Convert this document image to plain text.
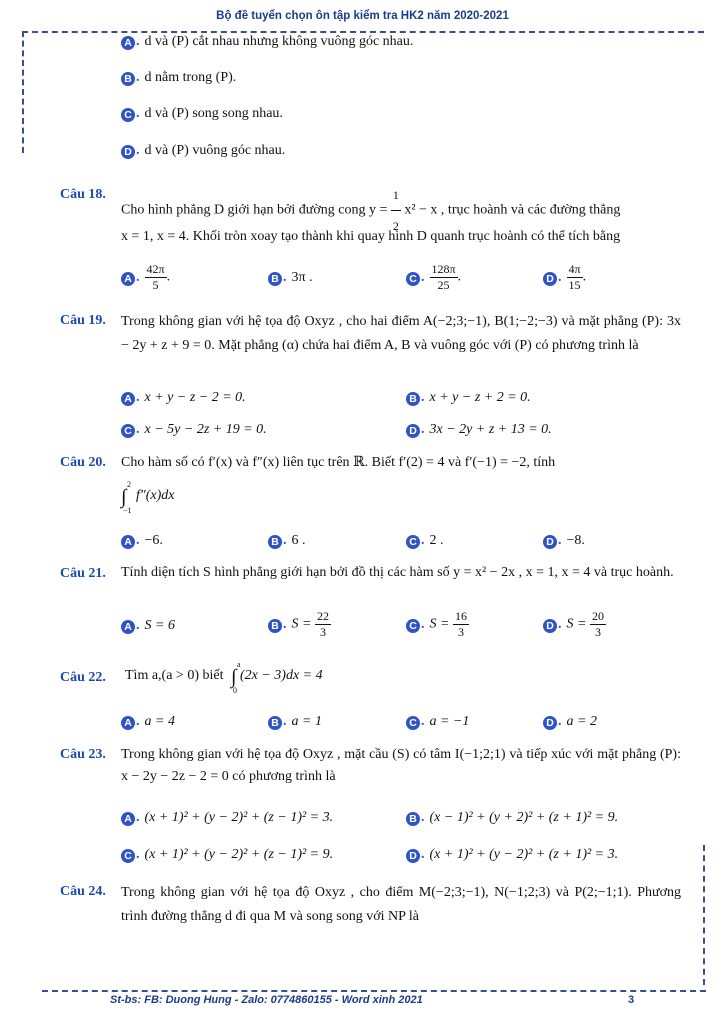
Bộ đề tuyển chọn ôn tập kiểm tra HK2 năm 2020-2021
A . d và (P) cắt nhau nhưng không vuông góc nhau.
B . d nằm trong (P).
C . d và (P) song song nhau.
D . d và (P) vuông góc nhau.
Câu 18.
Cho hình phẳng D giới hạn bởi đường cong $y = \frac{1}{2} x^2 - x$ , trục hoành và các đường thẳng
x = 1, x = 4. Khối tròn xoay tạo thành khi quay hình D quanh trục hoành có thể tích bằng
A . $\frac{42\pi}{5}$ .	B . 3π .	C . $\frac{128\pi}{25}$ .	D . $\frac{4\pi}{15}$ .
Câu 19. Trong không gian với hệ tọa độ Oxyz , cho hai điểm A(−2;3;−1), B(1;−2;−3) và mặt phẳng (P): 3x − 2y + z + 9 = 0. Mặt phẳng (α) chứa hai điểm A, B và vuông góc với (P) có phương trình là
A . x + y − z − 2 = 0.	B . x + y − z + 2 = 0.
C . x − 5y − 2z + 19 = 0.	D . 3x − 2y + z + 13 = 0.
Câu 20. Cho hàm số có f′(x) và f″(x) liên tục trên ℝ. Biết f′(2) = 4 và f′(−1) = −2, tính
∫
2
−1
f″(x)dx
A . −6.	B . 6 .	C . 2 .	D . −8.
Câu 21. Tính diện tích S hình phẳng giới hạn bởi đồ thị các hàm số y = x² − 2x , x = 1, x = 4 và trục hoành.
A . S = 6	B . $S = \frac{22}{3}$	C . $S = \frac{16}{3}$	D . $S = \frac{20}{3}$
Câu 22. Tìm a,(a > 0) biết ∫
a
0
(2x − 3)dx = 4
A . a = 4	B . a = 1	C . a = −1	D . a = 2
Câu 23. Trong không gian với hệ tọa độ Oxyz , mặt cầu (S) có tâm I(−1;2;1) và tiếp xúc với mặt phẳng (P): x − 2y − 2z − 2 = 0 có phương trình là
A . (x + 1)² + (y − 2)² + (z − 1)² = 3.	B . (x − 1)² + (y + 2)² + (z + 1)² = 9.
C . (x + 1)² + (y − 2)² + (z − 1)² = 9.	D . (x + 1)² + (y − 2)² + (z + 1)² = 3.
Câu 24. Trong không gian với hệ tọa độ Oxyz , cho điểm M(−2;3;−1), N(−1;2;3) và P(2;−1;1). Phương trình đường thẳng d đi qua M và song song với NP là
St-bs: FB: Duong Hung - Zalo: 0774860155 - Word xinh 2021	3
